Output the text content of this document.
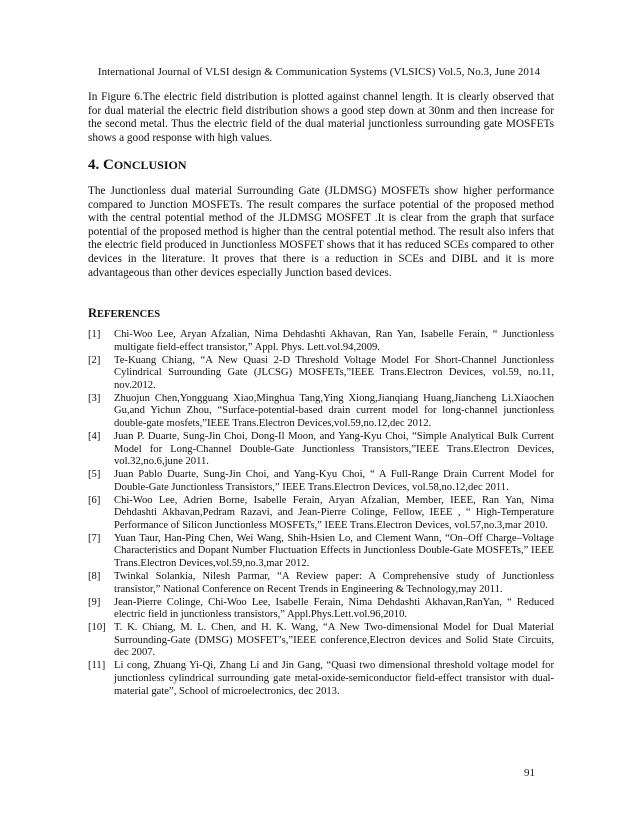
International Journal of VLSI design & Communication Systems (VLSICS) Vol.5, No.3, June 2014

In Figure 6.The electric field distribution is plotted against channel length. It is clearly observed that for dual material the electric field distribution shows a good step down at 30nm and then increase for the second metal. Thus the electric field of the dual material junctionless surrounding gate MOSFETs shows a good response with high values.

4. CONCLUSION

The Junctionless dual material Surrounding Gate (JLDMSG) MOSFETs show higher performance compared to Junction MOSFETs. The result compares the surface potential of the proposed method with the central potential method of the JLDMSG MOSFET .It is clear from the graph that surface potential of the proposed method is higher than the central potential method. The result also infers that the electric field produced in Junctionless MOSFET shows that it has reduced SCEs compared to other devices in the literature. It proves that there is a reduction in SCEs and DIBL and it is more advantageous than other devices especially Junction based devices.

REFERENCES
[1]	Chi-Woo Lee, Aryan Afzalian, Nima Dehdashti Akhavan, Ran Yan, Isabelle Ferain, “ Junctionless multigate field-effect transistor,” Appl. Phys. Lett.vol.94,2009.
[2]	Te-Kuang Chiang, “A New Quasi 2-D Threshold Voltage Model For Short-Channel Junctionless Cylindrical Surrounding Gate (JLCSG) MOSFETs,”IEEE Trans.Electron Devices, vol.59, no.11, nov.2012.
[3]	Zhuojun Chen,Yongguang Xiao,Minghua Tang,Ying Xiong,Jianqiang Huang,Jiancheng Li.Xiaochen Gu,and Yichun Zhou, “Surface-potential-based drain current model for long-channel junctionless double-gate mosfets,”IEEE Trans.Electron Devices,vol.59,no.12,dec 2012.
[4]	Juan P. Duarte, Sung-Jin Choi, Dong-Il Moon, and Yang-Kyu Choi, “Simple Analytical Bulk Current Model for Long-Channel Double-Gate Junctionless Transistors,”IEEE Trans.Electron Devices, vol.32,no.6,june 2011.
[5]	Juan Pablo Duarte, Sung-Jin Choi, and Yang-Kyu Choi, “ A Full-Range Drain Current Model for Double-Gate Junctionless Transistors,” IEEE Trans.Electron Devices, vol.58,no.12,dec 2011.
[6]	Chi-Woo Lee, Adrien Borne, Isabelle Ferain, Aryan Afzalian, Member, IEEE, Ran Yan, Nima Dehdashti Akhavan,Pedram Razavi, and Jean-Pierre Colinge, Fellow, IEEE , “ High-Temperature Performance of Silicon Junctionless MOSFETs,” IEEE Trans.Electron Devices, vol.57,no.3,mar 2010.
[7]	Yuan Taur, Han-Ping Chen, Wei Wang, Shih-Hsien Lo, and Clement Wann, “On–Off Charge–Voltage Characteristics and Dopant Number Fluctuation Effects in Junctionless Double-Gate MOSFETs,” IEEE Trans.Electron Devices,vol.59,no.3,mar 2012.
[8]	Twinkal Solankia, Nilesh Parmar, “A Review paper: A Comprehensive study of Junctionless transistor,” National Conference on Recent Trends in Engineering & Technology,may 2011.
[9]	Jean-Pierre Colinge, Chi-Woo Lee, Isabelle Ferain, Nima Dehdashti Akhavan,RanYan, “ Reduced electric field in junctionless transistors,” Appl.Phys.Lett.vol.96,2010.
[10] T. K. Chiang, M. L. Chen, and H. K. Wang, “A New Two-dimensional Model for Dual Material Surrounding-Gate (DMSG) MOSFET’s,”IEEE conference,Electron devices and Solid State Circuits, dec 2007.
[11] Li cong, Zhuang Yi-Qi, Zhang Li and Jin Gang, “Quasi two dimensional threshold voltage model for junctionless cylindrical surrounding gate metal-oxide-semiconductor field-effect transistor with dual-material gate”, School of microelectronics, dec 2013.
91
